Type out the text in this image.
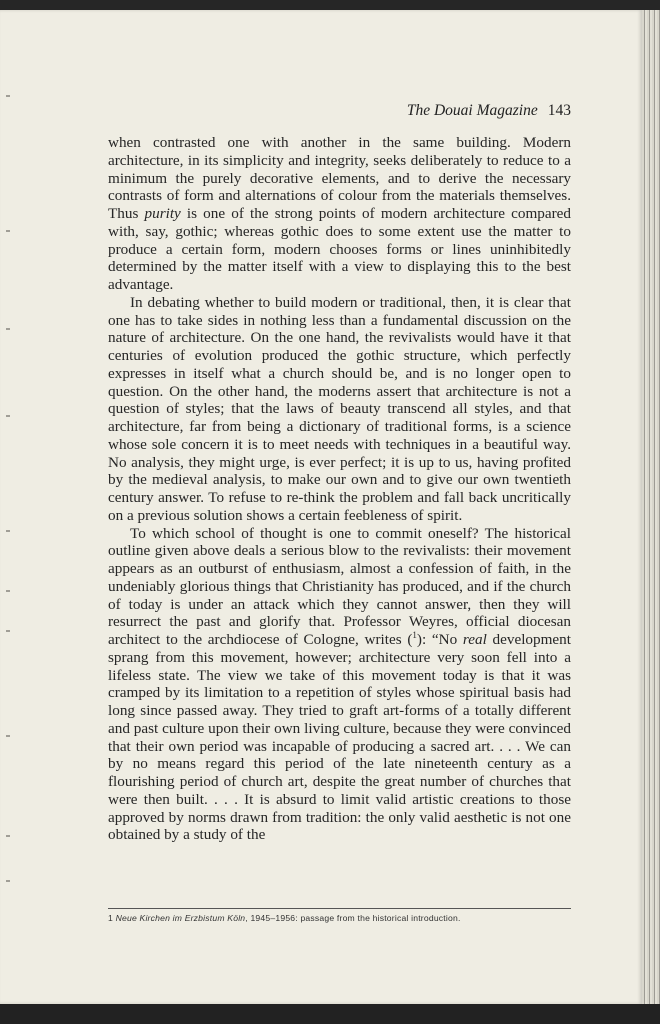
The Douai Magazine 143

when contrasted one with another in the same building. Modern architecture, in its simplicity and integrity, seeks deliberately to reduce to a minimum the purely decorative elements, and to derive the necessary contrasts of form and alternations of colour from the materials themselves. Thus purity is one of the strong points of modern architecture compared with, say, gothic; whereas gothic does to some extent use the matter to produce a certain form, modern chooses forms or lines uninhibitedly determined by the matter itself with a view to displaying this to the best advantage.

In debating whether to build modern or traditional, then, it is clear that one has to take sides in nothing less than a fundamental discussion on the nature of architecture. On the one hand, the revivalists would have it that centuries of evolution produced the gothic structure, which perfectly expresses in itself what a church should be, and is no longer open to question. On the other hand, the moderns assert that architecture is not a question of styles; that the laws of beauty transcend all styles, and that architecture, far from being a dictionary of traditional forms, is a science whose sole concern it is to meet needs with techniques in a beautiful way. No analysis, they might urge, is ever perfect; it is up to us, having profited by the medieval analysis, to make our own and to give our own twentieth century answer. To refuse to re-think the problem and fall back uncritically on a previous solution shows a certain feebleness of spirit.

To which school of thought is one to commit oneself? The historical outline given above deals a serious blow to the revivalists: their movement appears as an outburst of enthusiasm, almost a confession of faith, in the undeniably glorious things that Christianity has produced, and if the church of today is under an attack which they cannot answer, then they will resurrect the past and glorify that. Professor Weyres, official diocesan architect to the archdiocese of Cologne, writes ($^1$): “No real development sprang from this movement, however; architecture very soon fell into a lifeless state. The view we take of this movement today is that it was cramped by its limitation to a repetition of styles whose spiritual basis had long since passed away. They tried to graft art-forms of a totally different and past culture upon their own living culture, because they were convinced that their own period was incapable of producing a sacred art. . . . We can by no means regard this period of the late nineteenth century as a flourishing period of church art, despite the great number of churches that were then built. . . . It is absurd to limit valid artistic creations to those approved by norms drawn from tradition: the only valid aesthetic is not one obtained by a study of the

1 Neue Kirchen im Erzbistum Köln, 1945–1956: passage from the historical introduction.
